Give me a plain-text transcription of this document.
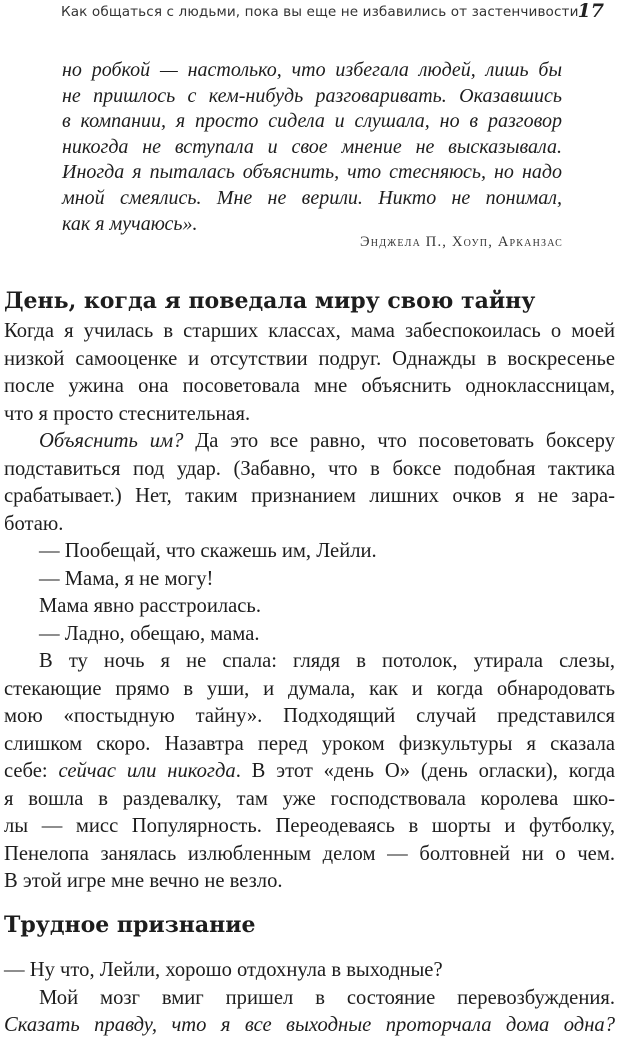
Как общаться с людьми, пока вы еще не избавились от застенчивости 17
но робкой — настолько, что избегала людей, лишь бы
не пришлось с кем-нибудь разговаривать. Оказавшись
в компании, я просто сидела и слушала, но в разговор
никогда не вступала и свое мнение не высказывала.
Иногда я пыталась объяснить, что стесняюсь, но надо
мной смеялись. Мне не верили. Никто не понимал,
как я мучаюсь».
Энджела П., Хоуп, Арканзас
День, когда я поведала миру свою тайну
Когда я училась в старших классах, мама забеспокоилась о моей
низкой самооценке и отсутствии подруг. Однажды в воскресенье
после ужина она посоветовала мне объяснить одноклассницам,
что я просто стеснительная.
Объяснить им? Да это все равно, что посоветовать боксеру
подставиться под удар. (Забавно, что в боксе подобная тактика
срабатывает.) Нет, таким признанием лишних очков я не зара-
ботаю.
— Пообещай, что скажешь им, Лейли.
— Мама, я не могу!
Мама явно расстроилась.
— Ладно, обещаю, мама.
В ту ночь я не спала: глядя в потолок, утирала слезы,
стекающие прямо в уши, и думала, как и когда обнародовать
мою «постыдную тайну». Подходящий случай представился
слишком скоро. Назавтра перед уроком физкультуры я сказала
себе: сейчас или никогда. В этот «день О» (день огласки), когда
я вошла в раздевалку, там уже господствовала королева шко-
лы — мисс Популярность. Переодеваясь в шорты и футболку,
Пенелопа занялась излюбленным делом — болтовней ни о чем.
В этой игре мне вечно не везло.
Трудное признание
— Ну что, Лейли, хорошо отдохнула в выходные?
Мой мозг вмиг пришел в состояние перевозбуждения.
Сказать правду, что я все выходные проторчала дома одна?
